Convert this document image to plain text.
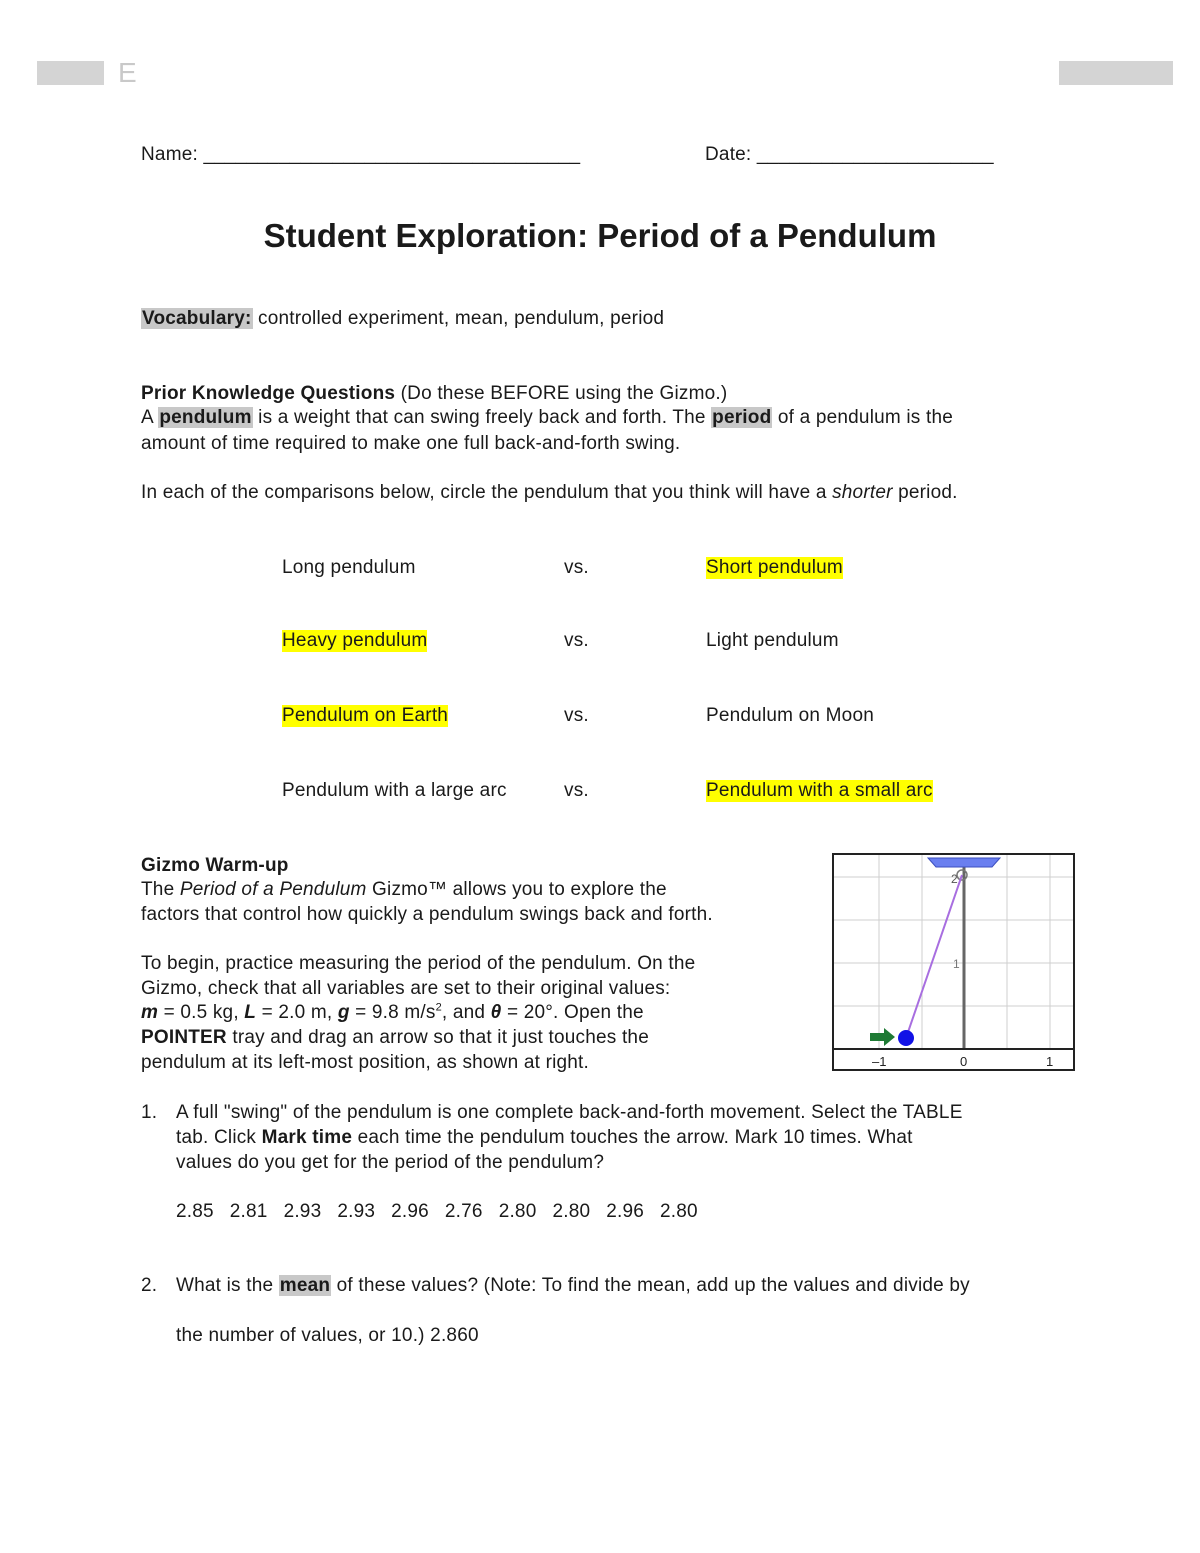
E
Name: ___________________________________	Date: ______________________
Student Exploration: Period of a Pendulum
Vocabulary: controlled experiment, mean, pendulum, period
Prior Knowledge Questions (Do these BEFORE using the Gizmo.)
A pendulum is a weight that can swing freely back and forth. The period of a pendulum is the
amount of time required to make one full back-and-forth swing.
In each of the comparisons below, circle the pendulum that you think will have a shorter period.
Long pendulum	vs.	Short pendulum
Heavy pendulum	vs.	Light pendulum
Pendulum on Earth	vs.	Pendulum on Moon
Pendulum with a large arc	vs.	Pendulum with a small arc
Gizmo Warm-up
The Period of a Pendulum Gizmo™ allows you to explore the
factors that control how quickly a pendulum swings back and forth.
To begin, practice measuring the period of the pendulum. On the
Gizmo, check that all variables are set to their original values:
m = 0.5 kg, L = 2.0 m, g = 9.8 $m/s^2$, and θ = 20°. Open the
POINTER tray and drag an arrow so that it just touches the
pendulum at its left-most position, as shown at right.	–1	0	1
2
1
1. A full "swing" of the pendulum is one complete back-and-forth movement. Select the TABLE
tab. Click Mark time each time the pendulum touches the arrow. Mark 10 times. What
values do you get for the period of the pendulum?
2.85 2.81 2.93 2.93 2.96 2.76 2.80 2.80 2.96 2.80
2. What is the mean of these values? (Note: To find the mean, add up the values and divide by
the number of values, or 10.) 2.860
